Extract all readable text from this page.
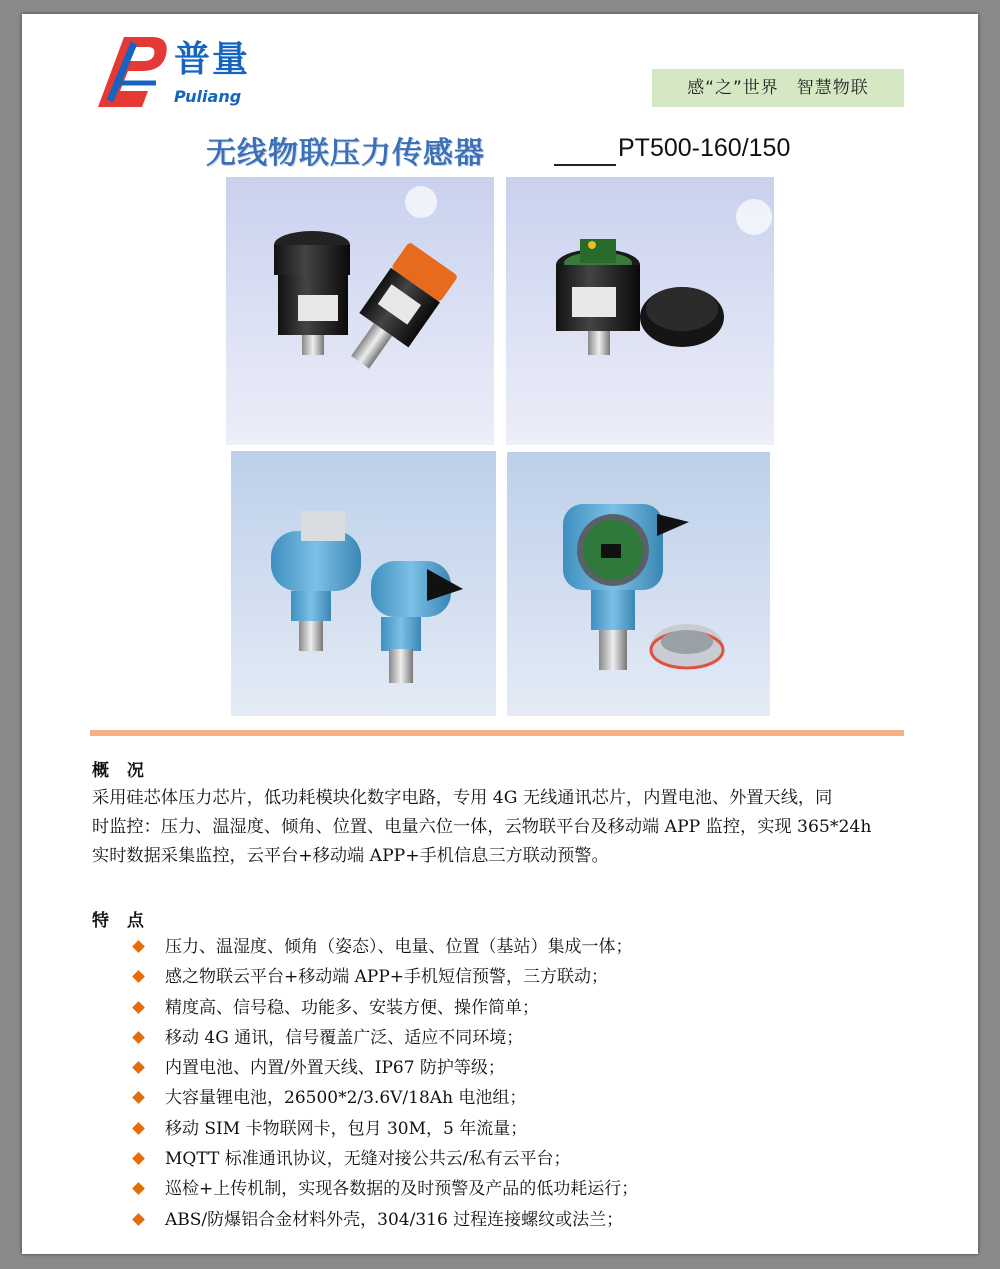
普量
Puliang	感“之”世界　智慧物联
无线物联压力传感器	PT500-160/150
概 况
采用硅芯体压力芯片，低功耗模块化数字电路，专用 4G 无线通讯芯片，内置电池、外置天线，同
时监控：压力、温湿度、倾角、位置、电量六位一体，云物联平台及移动端 APP 监控，实现 365*24h
实时数据采集监控，云平台+移动端 APP+手机信息三方联动预警。
特 点
压力、温湿度、倾角（姿态）、电量、位置（基站）集成一体；
感之物联云平台+移动端 APP+手机短信预警，三方联动；
精度高、信号稳、功能多、安装方便、操作简单；
移动 4G 通讯，信号覆盖广泛、适应不同环境；
内置电池、内置/外置天线、IP67 防护等级；
大容量锂电池，26500*2/3.6V/18Ah 电池组；
移动 SIM 卡物联网卡，包月 30M，5 年流量；
MQTT 标准通讯协议，无缝对接公共云/私有云平台；
巡检+上传机制，实现各数据的及时预警及产品的低功耗运行；
ABS/防爆铝合金材料外壳，304/316 过程连接螺纹或法兰；
